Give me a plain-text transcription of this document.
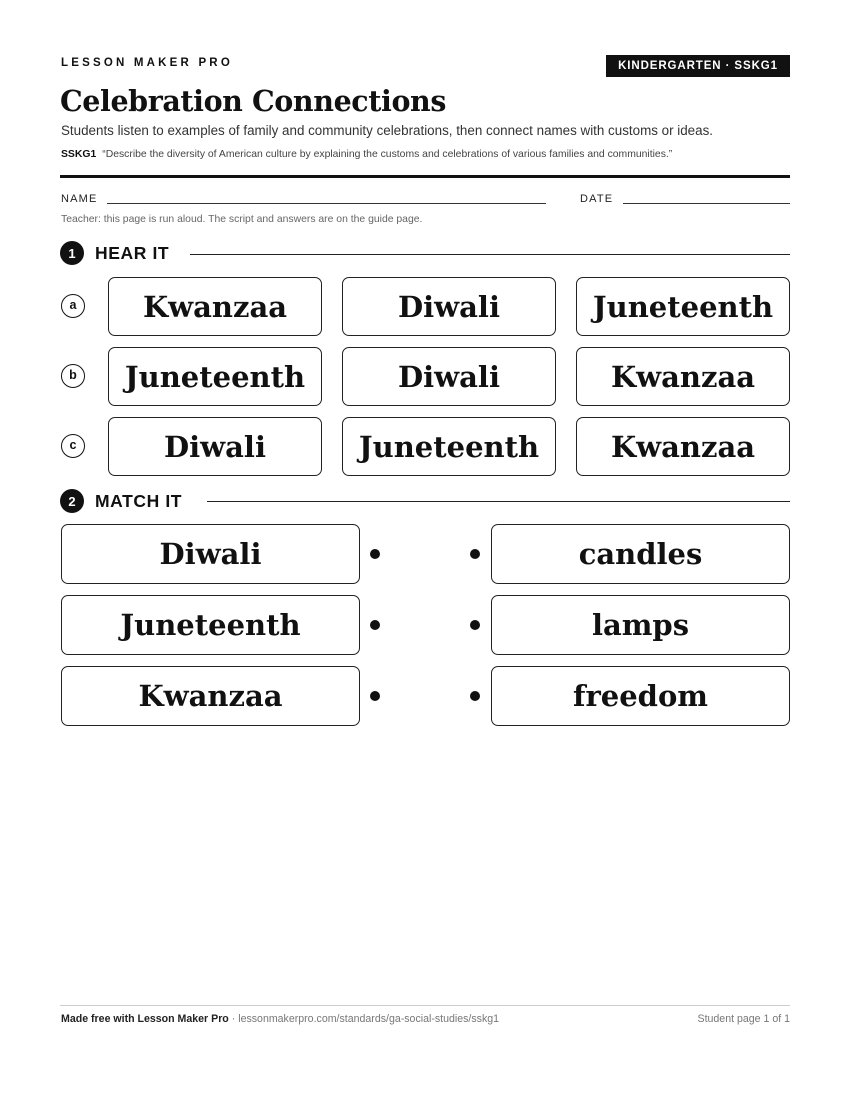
LESSON MAKER PRO	KINDERGARTEN · SSKG1
Celebration Connections
Students listen to examples of family and community celebrations, then connect names with customs or ideas.
SSKG1 “Describe the diversity of American culture by explaining the customs and celebrations of various families and communities.”
NAME	DATE
Teacher: this page is run aloud. The script and answers are on the guide page.
1	HEAR IT
a	Kwanzaa	Diwali	Juneteenth
b	Juneteenth	Diwali	Kwanzaa
c	Diwali	Juneteenth	Kwanzaa
2	MATCH IT
Diwali	candles
Juneteenth	lamps
Kwanzaa	freedom
Made free with Lesson Maker Pro · lessonmakerpro.com/standards/ga-social-studies/sskg1	Student page 1 of 1
